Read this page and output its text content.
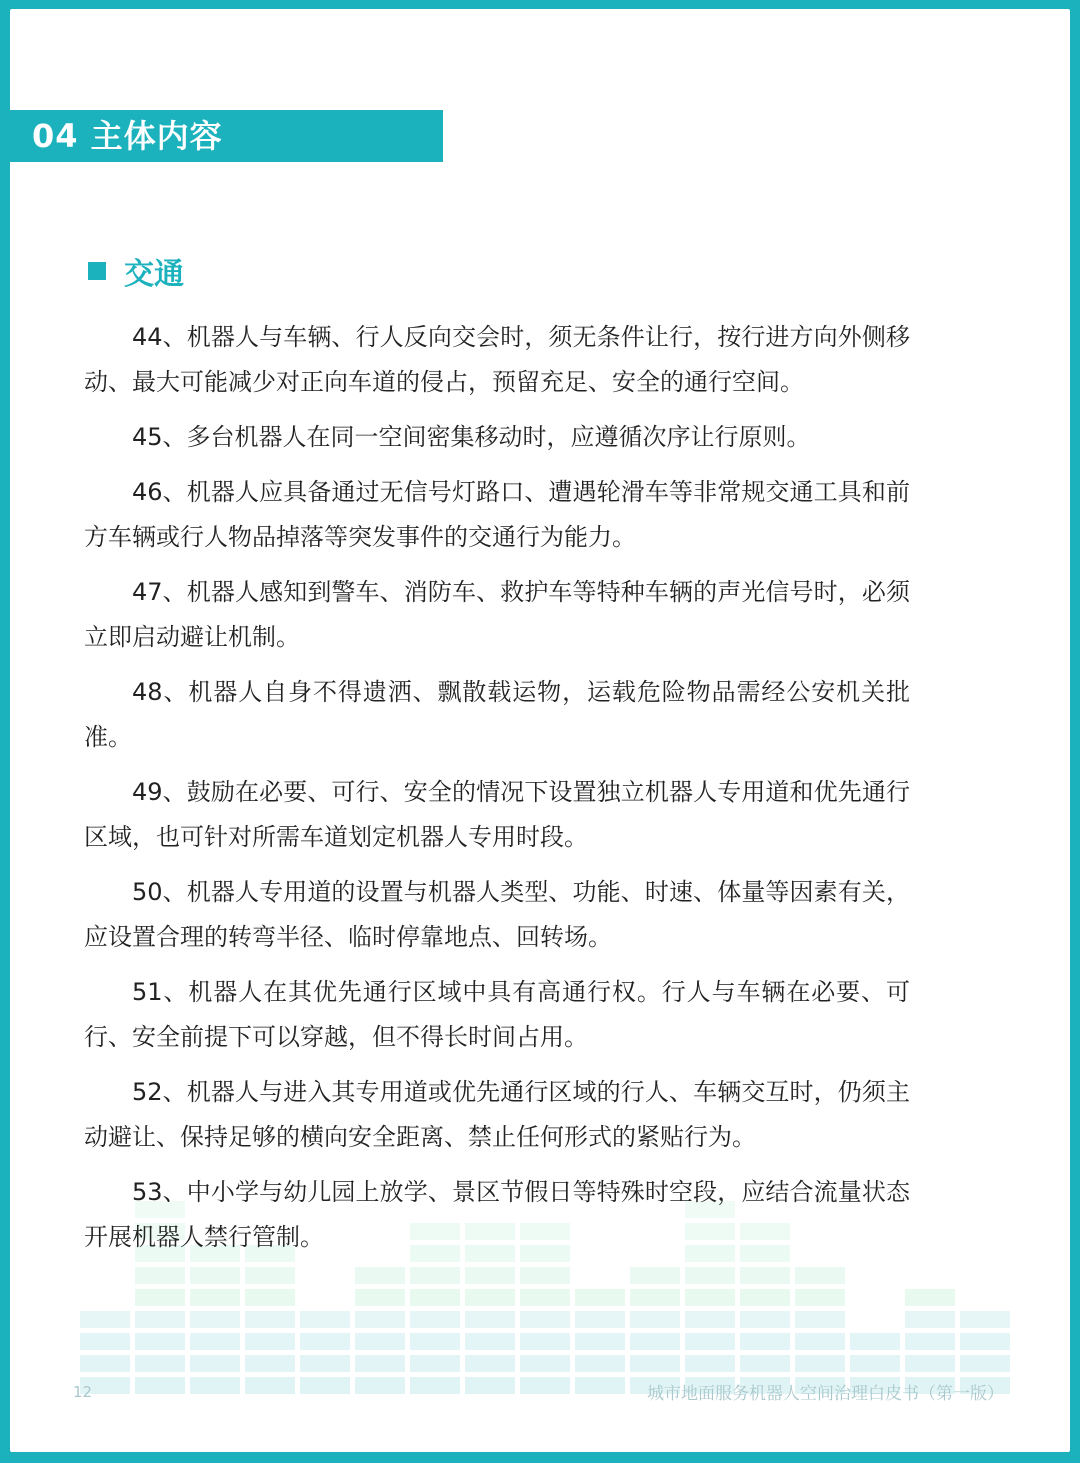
04 主体内容
交通

44、机器人与车辆、行人反向交会时，须无条件让行，按行进方向外侧移动、最大可能减少对正向车道的侵占，预留充足、安全的通行空间。

45、多台机器人在同一空间密集移动时，应遵循次序让行原则。

46、机器人应具备通过无信号灯路口、遭遇轮滑车等非常规交通工具和前方车辆或行人物品掉落等突发事件的交通行为能力。

47、机器人感知到警车、消防车、救护车等特种车辆的声光信号时，必须立即启动避让机制。

48、机器人自身不得遗洒、飘散载运物，运载危险物品需经公安机关批准。

49、鼓励在必要、可行、安全的情况下设置独立机器人专用道和优先通行区域，也可针对所需车道划定机器人专用时段。

50、机器人专用道的设置与机器人类型、功能、时速、体量等因素有关，应设置合理的转弯半径、临时停靠地点、回转场。

51、机器人在其优先通行区域中具有高通行权。行人与车辆在必要、可行、安全前提下可以穿越，但不得长时间占用。

52、机器人与进入其专用道或优先通行区域的行人、车辆交互时，仍须主动避让、保持足够的横向安全距离、禁止任何形式的紧贴行为。

53、中小学与幼儿园上放学、景区节假日等特殊时空段，应结合流量状态开展机器人禁行管制。

12	城市地面服务机器人空间治理白皮书（第一版）
